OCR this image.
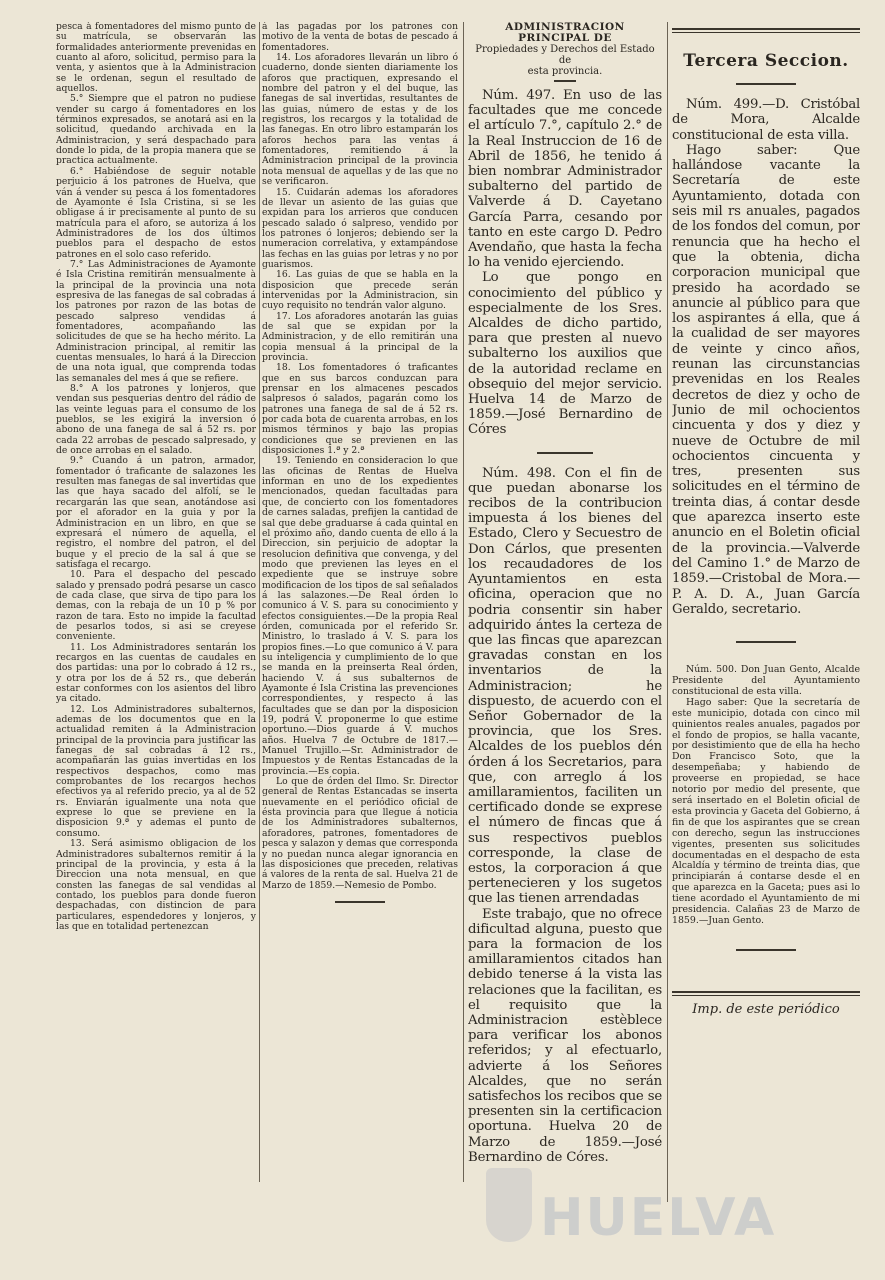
pesca à fomentadores del mismo punto de su matrícula, se observarán las formalidades anteriormente prevenidas en cuanto al aforo, solicitud, permiso para la venta, y asientos que à la Administracion se le ordenan, segun el resultado de aquellos.

5.° Siempre que el patron no pudiese vender su cargo á fomentadores en los términos expresados, se anotará asi en la solicitud, quedando archivada en la Administracion, y será despachado para donde lo pida, de la propia manera que se practica actualmente.

6.° Habiéndose de seguir notable perjuicio á los patrones de Huelva, que ván á vender su pesca á los fomentadores de Ayamonte é Isla Cristina, si se les obligase á ir precisamente al punto de su matrícula para el aforo, se autoriza á los Administradores de los dos últimos pueblos para el despacho de estos patrones en el solo caso referido.

7.° Las Administraciones de Ayamonte é Isla Cristina remitirán mensualmente à la principal de la provincia una nota espresiva de las fanegas de sal cobradas á los patrones por razon de las botas de pescado salpreso vendidas á fomentadores, acompañando las solicitudes de que se ha hecho mérito. La Administracion principal, al remitir las cuentas mensuales, lo hará á la Direccion de una nota igual, que comprenda todas las semanales del mes á que se refiere.

8.° A los patrones y lonjeros, que vendan sus pesquerias dentro del rádio de las veinte leguas para el consumo de los pueblos, se les exigirá la inversion ó abono de una fanega de sal á 52 rs. por cada 22 arrobas de pescado salpresado, y de once arrobas en el salado.

9.° Cuando á un patron, armador, fomentador ó traficante de salazones les resulten mas fanegas de sal invertidas que las que haya sacado del alfolí, se le recargarán las que sean, anotándose asi por el aforador en la guia y por la Administracion en un libro, en que se expresará el número de aquella, el registro, el nombre del patron, el del buque y el precio de la sal á que se satisfaga el recargo.

10. Para el despacho del pescado salado y prensado podrá pesarse un casco de cada clase, que sirva de tipo para los demas, con la rebaja de un 10 p % por razon de tara. Esto no impide la facultad de pesarlos todos, si asi se creyese conveniente.

11. Los Administradores sentarán los recargos en las cuentas de caudales en dos partidas: una por lo cobrado á 12 rs., y otra por los de á 52 rs., que deberán estar conformes con los asientos del libro ya citado.

12. Los Administradores subalternos, ademas de los documentos que en la actualidad remiten á la Administracion principal de la provincia para justificar las fanegas de sal cobradas á 12 rs., acompañarán las guias invertidas en los respectivos despachos, como mas comprobantes de los recargos hechos efectivos ya al referido precio, ya al de 52 rs. Enviarán igualmente una nota que exprese lo que se previene en la disposicion 9.ª y ademas el punto de consumo.

13. Será asimismo obligacion de los Administradores subalternos remitir á la principal de la provincia, y esta á la Direccion una nota mensual, en que consten las fanegas de sal vendidas al contado, los pueblos para donde fueron despachadas, con distincion de para particulares, espendedores y lonjeros, y las que en totalidad pertenezcan

á las pagadas por los patrones con motivo de la venta de botas de pescado á fomentadores.

14. Los aforadores llevarán un libro ó cuaderno, donde sienten diariamente los aforos que practiquen, expresando el nombre del patron y el del buque, las fanegas de sal invertidas, resultantes de las guias, número de estas y de los registros, los recargos y la totalidad de las fanegas. En otro libro estamparán los aforos hechos para las ventas á fomentadores, remitiendo á la Administracion principal de la provincia nota mensual de aquellas y de las que no se verificaron.

15. Cuidarán ademas los aforadores de llevar un asiento de las guias que expidan para los arrieros que conducen pescado salado ó salpreso, vendido por los patrones ó lonjeros; debiendo ser la numeracion correlativa, y extampándose las fechas en las guias por letras y no por guarismos.

16. Las guias de que se habla en la disposicion que precede serán intervenidas por la Administracion, sin cuyo requisito no tendrán valor alguno.

17. Los aforadores anotarán las guias de sal que se expidan por la Administracion, y de ello remitirán una copia mensual á la principal de la provincia.

18. Los fomentadores ó traficantes que en sus barcos conduzcan para prensar en los almacenes pescados salpresos ó salados, pagarán como los patrones una fanega de sal de á 52 rs. por cada bota de cuarenta arrobas, en los mismos términos y bajo las propias condiciones que se previenen en las disposiciones 1.ª y 2.ª

19. Teniendo en consideracion lo que las oficinas de Rentas de Huelva informan en uno de los expedientes mencionados, quedan facultadas para que, de concierto con los fomentadores de carnes saladas, prefijen la cantidad de sal que debe graduarse á cada quintal en el próximo año, dando cuenta de ello á la Direccion, sin perjuicio de adoptar la resolucion definitiva que convenga, y del modo que previenen las leyes en el expediente que se instruye sobre modificacion de los tipos de sal señalados á las salazones.—De Real órden lo comunico á V. S. para su conocimiento y efectos consiguientes.—De la propia Real órden, comunicada por el referido Sr. Ministro, lo traslado á V. S. para los propios fines.—Lo que comunico á V. para su inteligencia y cumplimiento de lo que se manda en la preinserta Real órden, haciendo V. á sus subalternos de Ayamonte é Isla Cristina las prevenciones correspondientes, y respecto á las facultades que se dan por la disposicion 19, podrá V. proponerme lo que estime oportuno.—Dios guarde á V. muchos años. Huelva 7 de Octubre de 1817.—Manuel Trujillo.—Sr. Administrador de Impuestos y de Rentas Estancadas de la provincia.—Es copia.

Lo que de órden del Ilmo. Sr. Director general de Rentas Estancadas se inserta nuevamente en el periódico oficial de ésta provincia para que llegue á noticia de los Administradores subalternos, aforadores, patrones, fomentadores de pesca y salazon y demas que corresponda y no puedan nunca alegar ignorancia en las disposiciones que preceden, relativas á valores de la renta de sal. Huelva 21 de Marzo de 1859.—Nemesio de Pombo.

ADMINISTRACION PRINCIPAL DE
Propiedades y Derechos del Estado de
esta provincia.

Núm. 497. En uso de las facultades que me concede el artículo 7.°, capítulo 2.° de la Real Instruccion de 16 de Abril de 1856, he tenido á bien nombrar Administrador subalterno del partido de Valverde á D. Cayetano García Parra, cesando por tanto en este cargo D. Pedro Avendaño, que hasta la fecha lo ha venido ejerciendo.

Lo que pongo en conocimiento del público y especialmente de los Sres. Alcaldes de dicho partido, para que presten al nuevo subalterno los auxilios que de la autoridad reclame en obsequio del mejor servicio. Huelva 14 de Marzo de 1859.—José Bernardino de Córes

Núm. 498. Con el fin de que puedan abonarse los recibos de la contribucion impuesta á los bienes del Estado, Clero y Secuestro de Don Cárlos, que presenten los recaudadores de los Ayuntamientos en esta oficina, operacion que no podria consentir sin haber adquirido ántes la certeza de que las fincas que aparezcan gravadas constan en los inventarios de la Administracion; he dispuesto, de acuerdo con el Señor Gobernador de la provincia, que los Sres. Alcaldes de los pueblos dén órden á los Secretarios, para que, con arreglo á los amillaramientos, faciliten un certificado donde se exprese el número de fincas que á sus respectivos pueblos corresponde, la clase de estos, la corporacion á que pertenecieren y los sugetos que las tienen arrendadas

Este trabajo, que no ofrece dificultad alguna, puesto que para la formacion de los amillaramientos citados han debido tenerse á la vista las relaciones que la facilitan, es el requisito que la Administracion estèblece para verificar los abonos referidos; y al efectuarlo, advierte á los Señores Alcaldes, que no serán satisfechos los recibos que se presenten sin la certificacion oportuna. Huelva 20 de Marzo de 1859.—José Bernardino de Córes.

Tercera Seccion.

Núm. 499.—D. Cristóbal de Mora, Alcalde constitucional de esta villa.

Hago saber: Que hallándose vacante la Secretaría de este Ayuntamiento, dotada con seis mil rs anuales, pagados de los fondos del comun, por renuncia que ha hecho el que la obtenia, dicha corporacion municipal que presido ha acordado se anuncie al público para que los aspirantes á ella, que á la cualidad de ser mayores de veinte y cinco años, reunan las circunstancias prevenidas en los Reales decretos de diez y ocho de Junio de mil ochocientos cincuenta y dos y diez y nueve de Octubre de mil ochocientos cincuenta y tres, presenten sus solicitudes en el término de treinta dias, á contar desde que aparezca inserto este anuncio en el Boletin oficial de la provincia.—Valverde del Camino 1.° de Marzo de 1859.—Cristobal de Mora.—P. A. D. A., Juan García Geraldo, secretario.

Núm. 500. Don Juan Gento, Alcalde Presidente del Ayuntamiento constitucional de esta villa.

Hago saber: Que la secretaría de este municipio, dotada con cinco mil quinientos reales anuales, pagados por el fondo de propios, se halla vacante, por desistimiento que de ella ha hecho Don Francisco Soto, que la desempeñaba; y habiendo de proveerse en propiedad, se hace notorio por medio del presente, que será insertado en el Boletin oficial de esta provincia y Gaceta del Gobierno, á fin de que los aspirantes que se crean con derecho, segun las instrucciones vigentes, presenten sus solicitudes documentadas en el despacho de esta Alcaldía y término de treinta dias, que principiarán á contarse desde el en que aparezca en la Gaceta; pues asi lo tiene acordado el Ayuntamiento de mi presidencia. Calañas 23 de Marzo de 1859.—Juan Gento.

Imp. de este periódico
HUELVA
